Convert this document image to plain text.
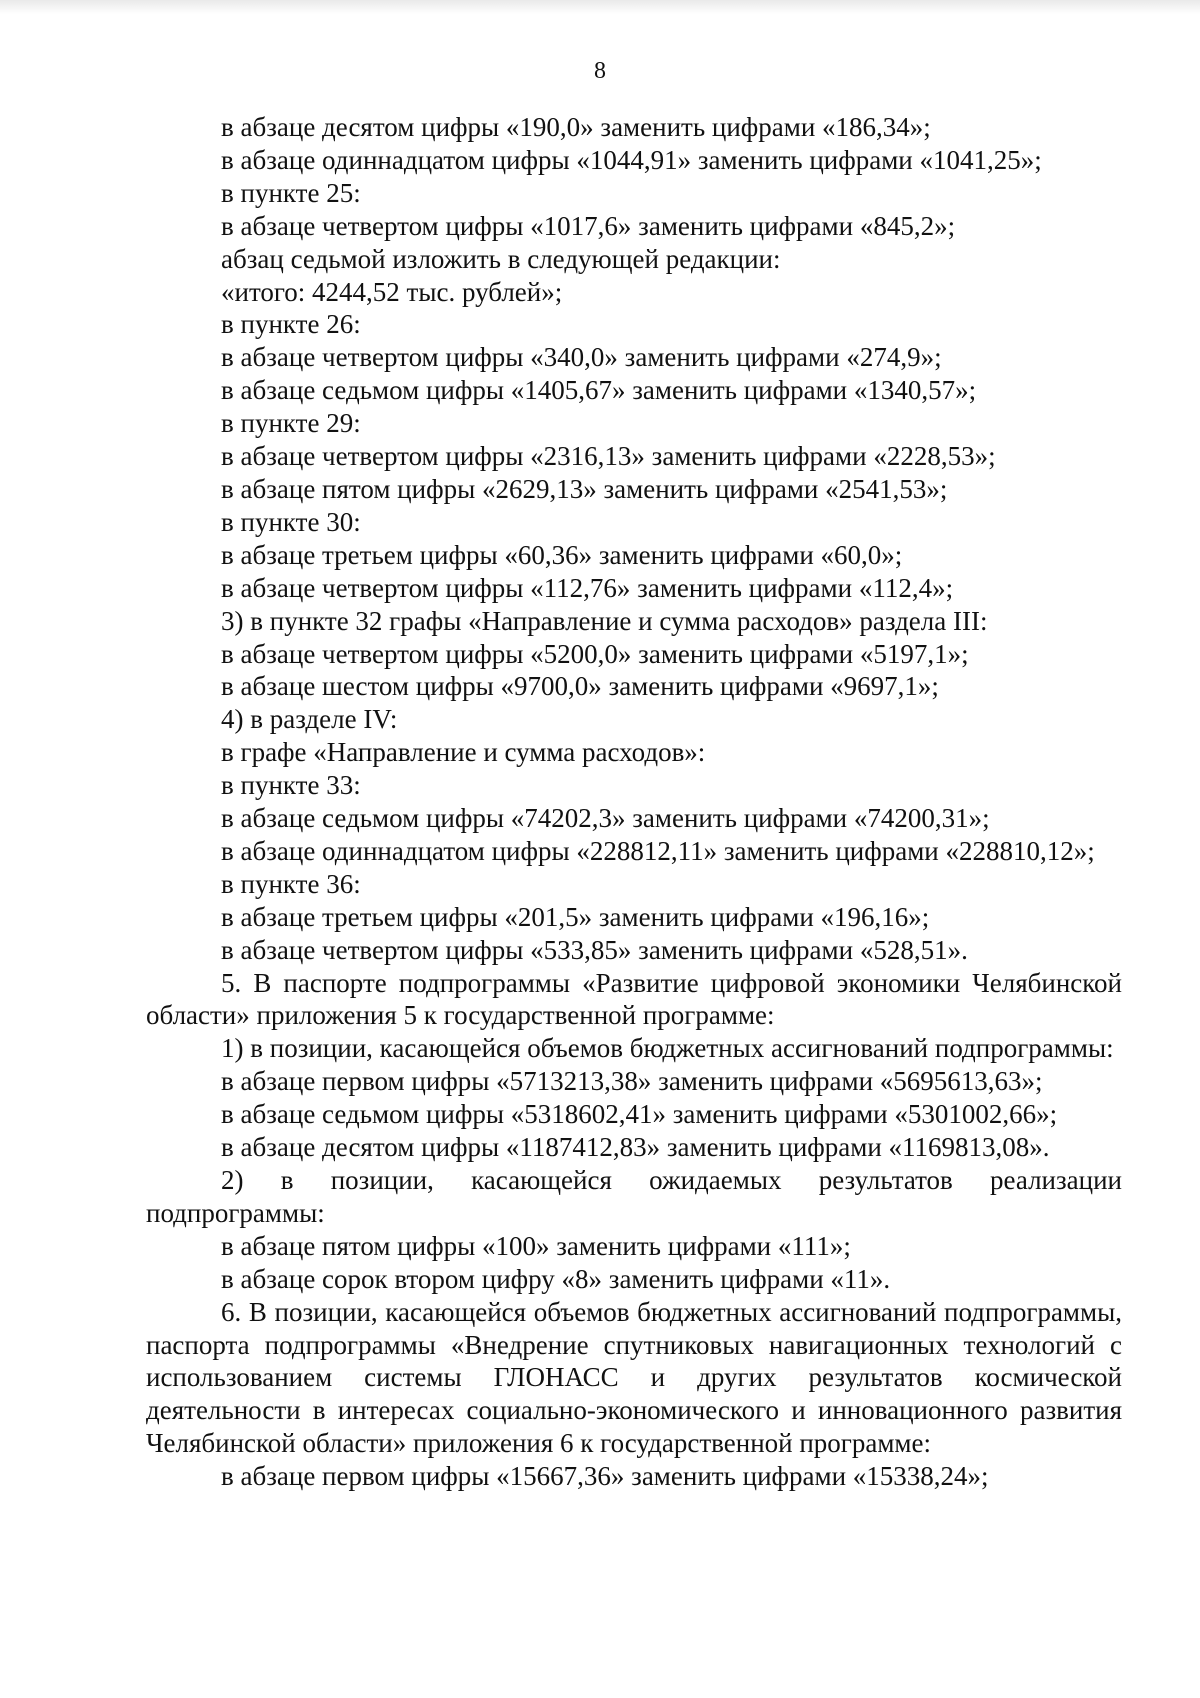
8

в абзаце десятом цифры «190,0» заменить цифрами «186,34»;

в абзаце одиннадцатом цифры «1044,91» заменить цифрами «1041,25»;

в пункте 25:

в абзаце четвертом цифры «1017,6» заменить цифрами «845,2»;

абзац седьмой изложить в следующей редакции:

«итого: 4244,52 тыс. рублей»;

в пункте 26:

в абзаце четвертом цифры «340,0» заменить цифрами «274,9»;

в абзаце седьмом цифры «1405,67» заменить цифрами «1340,57»;

в пункте 29:

в абзаце четвертом цифры «2316,13» заменить цифрами «2228,53»;

в абзаце пятом цифры «2629,13» заменить цифрами «2541,53»;

в пункте 30:

в абзаце третьем цифры «60,36» заменить цифрами «60,0»;

в абзаце четвертом цифры «112,76» заменить цифрами «112,4»;

3) в пункте 32 графы «Направление и сумма расходов» раздела III:

в абзаце четвертом цифры «5200,0» заменить цифрами «5197,1»;

в абзаце шестом цифры «9700,0» заменить цифрами «9697,1»;

4) в разделе IV:

в графе «Направление и сумма расходов»:

в пункте 33:

в абзаце седьмом цифры «74202,3» заменить цифрами «74200,31»;

в абзаце одиннадцатом цифры «228812,11» заменить цифрами «228810,12»;

в пункте 36:

в абзаце третьем цифры «201,5» заменить цифрами «196,16»;

в абзаце четвертом цифры «533,85» заменить цифрами «528,51».

5. В паспорте подпрограммы «Развитие цифровой экономики Челябинской области» приложения 5 к государственной программе:

1) в позиции, касающейся объемов бюджетных ассигнований подпрограммы:

в абзаце первом цифры «5713213,38» заменить цифрами «5695613,63»;

в абзаце седьмом цифры «5318602,41» заменить цифрами «5301002,66»;

в абзаце десятом цифры «1187412,83» заменить цифрами «1169813,08».

2) в позиции, касающейся ожидаемых результатов реализации подпрограммы:

в абзаце пятом цифры «100» заменить цифрами «111»;

в абзаце сорок втором цифру «8» заменить цифрами «11».

6. В позиции, касающейся объемов бюджетных ассигнований подпрограммы, паспорта подпрограммы «Внедрение спутниковых навигационных технологий с использованием системы ГЛОНАСС и других результатов космической деятельности в интересах социально-экономического и инновационного развития Челябинской области» приложения 6 к государственной программе:

в абзаце первом цифры «15667,36» заменить цифрами «15338,24»;
